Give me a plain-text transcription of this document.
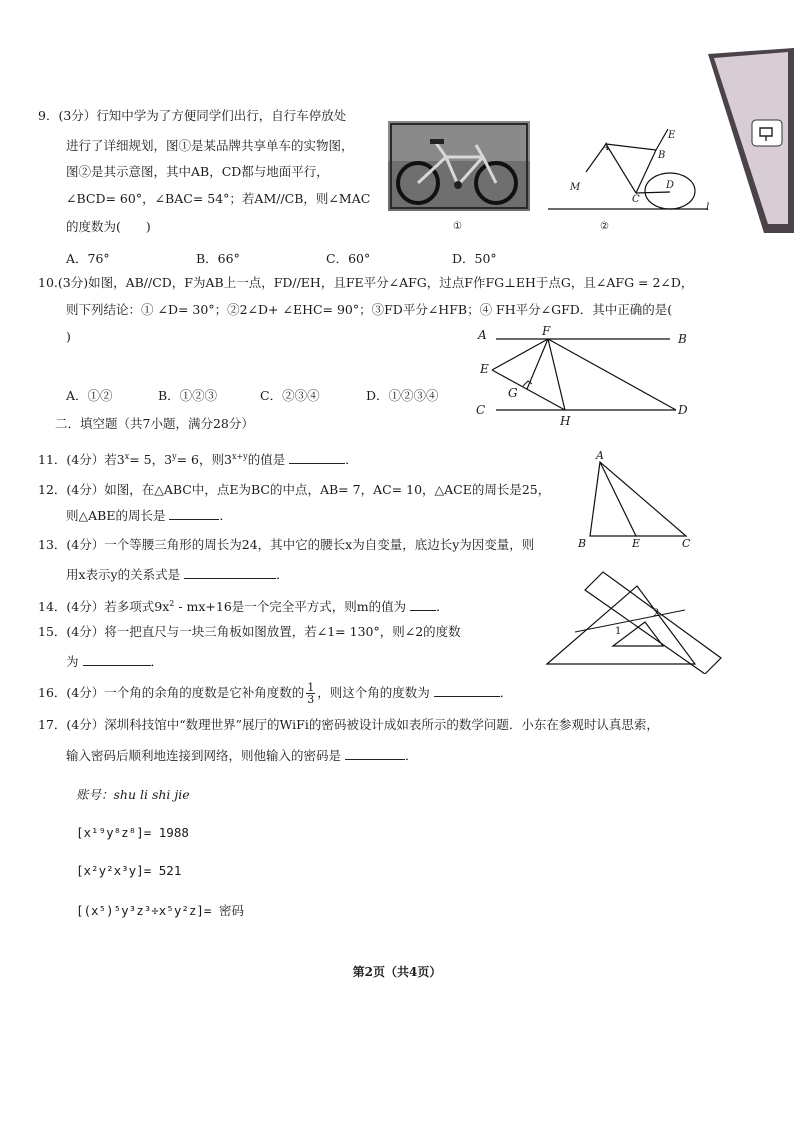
9．(3分）行知中学为了方便同学们出行，自行车停放处
进行了详细规划，图①是某品牌共享单车的实物图，
图②是其示意图，其中AB，CD都与地面平行，
∠BCD= 60°，∠BAC= 54°；若AM//CB，则∠MAC
的度数为(　　)
A．76°	B．66°	C．60°	D．50°
①
A
E
B
C
D
M
l
②
10.(3分)如图，AB//CD，F为AB上一点，FD//EH，且FE平分∠AFG，过点F作FG⊥EH于点G，且∠AFG = 2∠D，
则下列结论：① ∠D= 30°；②2∠D+ ∠EHC= 90°；③FD平分∠HFB；④ FH平分∠GFD．其中正确的是(
)
A．①②	B．①②③	C．②③④	D．①②③④
A	F
B
E
G
C
H
D
二．填空题（共7小题，满分28分）
11．(4分）若$3^x= 5$，$3^y= 6$，则$3^{x+y}$的值是	．
12．(4分）如图，在△ABC中，点E为BC的中点，AB= 7，AC= 10，△ACE的周长是25，
则△ABE的周长是	．
A
B	E	C
13．(4分）一个等腰三角形的周长为24，其中它的腰长x为自变量，底边长y为因变量，则
用x表示y的关系式是	．
14．(4分）若多项式$9x^2 - mx+16$是一个完全平方式，则m的值为 ．
15．(4分）将一把直尺与一块三角板如图放置，若∠1= 130°，则∠2的度数
为	．
1
2
16．(4分）一个角的余角的度数是它补角度数的 $\frac{1}{3}$ ，则这个角的度数为	．
17．(4分）深圳科技馆中“数理世界”展厅的WiFi的密码被设计成如表所示的数学问题．小东在参观时认真思索，
输入密码后顺利地连接到网络，则他输入的密码是	．
账号：shu li shi jie
[x¹⁹y⁸z⁸]= 1988
[x²y²x³y]= 521
[(x⁵)⁵y³z³÷x⁵y²z]= 密码
第2页（共4页）
